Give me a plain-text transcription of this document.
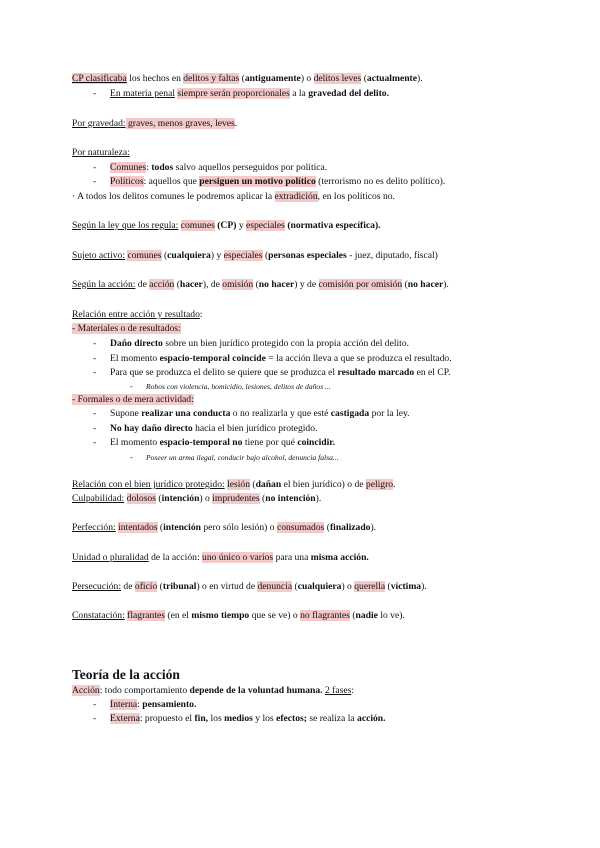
CP clasificaba los hechos en delitos y faltas (antiguamente) o delitos leves (actualmente).
-	En materia penal siempre serán proporcionales a la gravedad del delito.
Por gravedad: graves, menos graves, leves.
Por naturaleza:
-	Comunes: todos salvo aquellos perseguidos por política.
-	Políticos: aquellos que persiguen un motivo político (terrorismo no es delito político).
· A todos los delitos comunes le podremos aplicar la extradición, en los políticos no.
Según la ley que los regula: comunes (CP) y especiales (normativa específica).
Sujeto activo: comunes (cualquiera) y especiales (personas especiales - juez, diputado, fiscal)
Según la acción: de acción (hacer), de omisión (no hacer) y de comisión por omisión (no hacer).
Relación entre acción y resultado:
- Materiales o de resultados:
-	Daño directo sobre un bien jurídico protegido con la propia acción del delito.
-	El momento espacio-temporal coincide = la acción lleva a que se produzca el resultado.
-	Para que se produzca el delito se quiere que se produzca el resultado marcado en el CP.
-	Robos con violencia, homicidio, lesiones, delitos de daños ...
- Formales o de mera actividad:
-	Supone realizar una conducta o no realizarla y que esté castigada por la ley.
-	No hay daño directo hacia el bien jurídico protegido.
-	El momento espacio-temporal no tiene por qué coincidir.
-	Poseer un arma ilegal, conducir bajo alcohol, denuncia falsa...
Relación con el bien jurídico protegido: lesión (dañan el bien jurídico) o de peligro.
Culpabilidad: dolosos (intención) o imprudentes (no intención).
Perfección: intentados (intención pero sólo lesión) o consumados (finalizado).
Unidad o pluralidad de la acción: uno único o varios para una misma acción.
Persecución: de oficio (tribunal) o en virtud de denuncia (cualquiera) o querella (víctima).
Constatación: flagrantes (en el mismo tiempo que se ve) o no flagrantes (nadie lo ve).
Teoría de la acción
Acción: todo comportamiento depende de la voluntad humana. 2 fases:
-	Interna: pensamiento.
-	Externa: propuesto el fin, los medios y los efectos; se realiza la acción.
